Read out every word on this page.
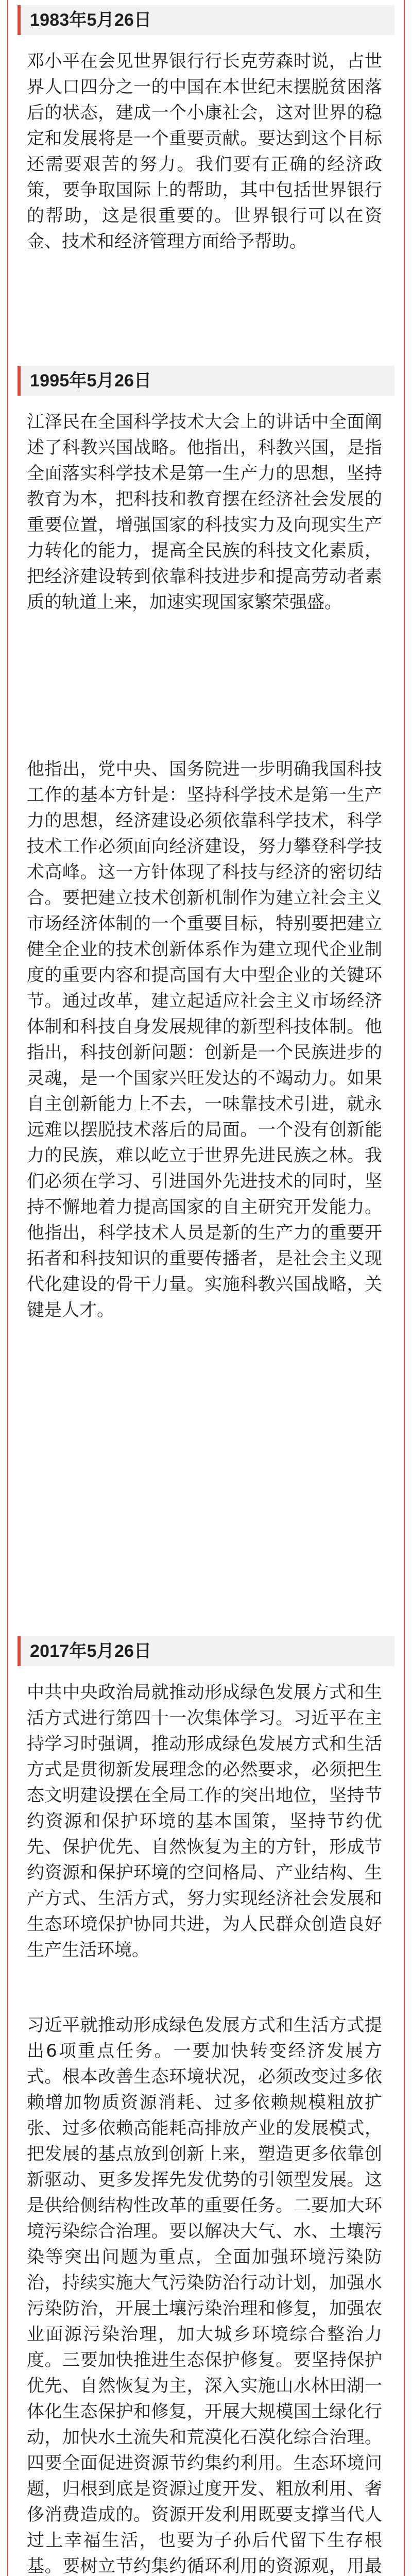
1983年5月26日
邓小平在会见世界银行行长克劳森时说，占世界人口四分之一的中国在本世纪末摆脱贫困落后的状态，建成一个小康社会，这对世界的稳定和发展将是一个重要贡献。要达到这个目标还需要艰苦的努力。我们要有正确的经济政策，要争取国际上的帮助，其中包括世界银行的帮助，这是很重要的。世界银行可以在资金、技术和经济管理方面给予帮助。
1995年5月26日
江泽民在全国科学技术大会上的讲话中全面阐述了科教兴国战略。他指出，科教兴国，是指全面落实科学技术是第一生产力的思想，坚持教育为本，把科技和教育摆在经济社会发展的重要位置，增强国家的科技实力及向现实生产力转化的能力，提高全民族的科技文化素质，把经济建设转到依靠科技进步和提高劳动者素质的轨道上来，加速实现国家繁荣强盛。
他指出，党中央、国务院进一步明确我国科技工作的基本方针是：坚持科学技术是第一生产力的思想，经济建设必须依靠科学技术，科学技术工作必须面向经济建设，努力攀登科学技术高峰。这一方针体现了科技与经济的密切结合。要把建立技术创新机制作为建立社会主义市场经济体制的一个重要目标，特别要把建立健全企业的技术创新体系作为建立现代企业制度的重要内容和提高国有大中型企业的关键环节。通过改革，建立起适应社会主义市场经济体制和科技自身发展规律的新型科技体制。他指出，科技创新问题：创新是一个民族进步的灵魂，是一个国家兴旺发达的不竭动力。如果自主创新能力上不去，一味靠技术引进，就永远难以摆脱技术落后的局面。一个没有创新能力的民族，难以屹立于世界先进民族之林。我们必须在学习、引进国外先进技术的同时，坚持不懈地着力提高国家的自主研究开发能力。他指出，科学技术人员是新的生产力的重要开拓者和科技知识的重要传播者，是社会主义现代化建设的骨干力量。实施科教兴国战略，关键是人才。
2017年5月26日
中共中央政治局就推动形成绿色发展方式和生活方式进行第四十一次集体学习。习近平在主持学习时强调，推动形成绿色发展方式和生活方式是贯彻新发展理念的必然要求，必须把生态文明建设摆在全局工作的突出地位，坚持节约资源和保护环境的基本国策，坚持节约优先、保护优先、自然恢复为主的方针，形成节约资源和保护环境的空间格局、产业结构、生产方式、生活方式，努力实现经济社会发展和生态环境保护协同共进，为人民群众创造良好生产生活环境。
习近平就推动形成绿色发展方式和生活方式提出6项重点任务。一要加快转变经济发展方式。根本改善生态环境状况，必须改变过多依赖增加物质资源消耗、过多依赖规模粗放扩张、过多依赖高能耗高排放产业的发展模式，把发展的基点放到创新上来，塑造更多依靠创新驱动、更多发挥先发优势的引领型发展。这是供给侧结构性改革的重要任务。二要加大环境污染综合治理。要以解决大气、水、土壤污染等突出问题为重点，全面加强环境污染防治，持续实施大气污染防治行动计划，加强水污染防治，开展土壤污染治理和修复，加强农业面源污染治理，加大城乡环境综合整治力度。三要加快推进生态保护修复。要坚持保护优先、自然恢复为主，深入实施山水林田湖一体化生态保护和修复，开展大规模国土绿化行动，加快水土流失和荒漠化石漠化综合治理。四要全面促进资源节约集约利用。生态环境问题，归根到底是资源过度开发、粗放利用、奢侈消费造成的。资源开发利用既要支撑当代人过上幸福生活，也要为子孙后代留下生存根基。要树立节约集约循环利用的资源观，用最
